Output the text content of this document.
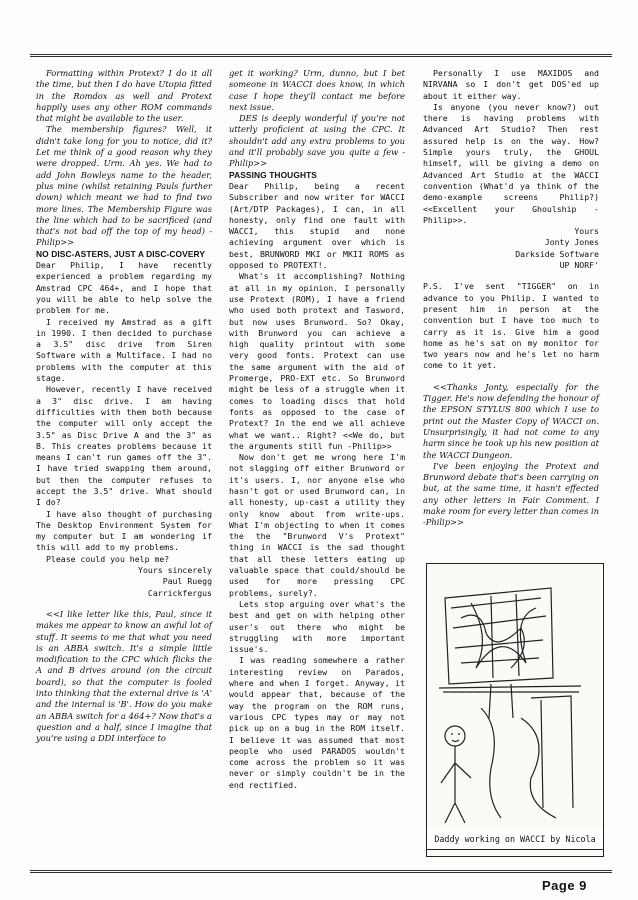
Formatting within Protext? I do it all the time, but then I do have Utopia fitted in the Romdox as well and Protext happily uses any other ROM commands that might be available to the user.

The membership figures? Well, it didn't take long for you to notice, did it? Let me think of a good reason why they were dropped. Urm. Ah yes. We had to add John Bowleys name to the header, plus mine (whilst retaining Pauls further down) which meant we had to find two more lines. The Membership Figure was the line which had to be sacrificed (and that's not bad off the top of my head) -Philip>>

NO DISC-ASTERS, JUST A DISC-COVERY

Dear Philip, I have recently experienced a problem regarding my Amstrad CPC 464+, and I hope that you will be able to help solve the problem for me.

I received my Amstrad as a gift in 1990. I then decided to purchase a 3.5" disc drive from Siren Software with a Multiface. I had no problems with the computer at this stage.

However, recently I have received a 3" disc drive. I am having difficulties with them both because the computer will only accept the 3.5" as Disc Drive A and the 3" as B. This creates problems because it means I can't run games off the 3". I have tried swapping them around, but then the computer refuses to accept the 3.5" drive. What should I do?

I have also thought of purchasing The Desktop Environment System for my computer but I am wondering if this will add to my problems.

Please could you help me?

Yours sincerely

Paul Ruegg

Carrickfergus

<<I like letter like this, Paul, since it makes me appear to know an awful lot of stuff. It seems to me that what you need is an ABBA switch. It's a simple little modification to the CPC which flicks the A and B drives around (on the circuit board), so that the computer is fooled into thinking that the external drive is 'A' and the internal is 'B'. How do you make an ABBA switch for a 464+? Now that's a question and a half, since I imagine that you're using a DDI interface to

get it working? Urm, dunno, but I bet someone in WACCI does know, in which case I hope they'll contact me before next issue.

DES is deeply wonderful if you're not utterly proficient at using the CPC. It shouldn't add any extra problems to you and it'll probably save you quite a few -Philip>>

PASSING THOUGHTS

Dear Philip, being a recent Subscriber and now writer for WACCI (Art/DTP Packages), I can, in all honesty, only find one fault with WACCI, this stupid and none achieving argument over which is best, BRUNWORD MKI or MKII ROMS as opposed to PROTEXT!.

What's it accomplishing? Nothing at all in my opinion. I personally use Protext (ROM), I have a friend who used both protext and Tasword, but now uses Brunword. So? Okay, with Brunword you can achieve a high quality printout with some very good fonts. Protext can use the same argument with the aid of Promerge, PRO-EXT etc. So Brunword might be less of a struggle when it comes to loading discs that hold fonts as opposed to the case of Protext? In the end we all achieve what we want.. Right? <<We do, but the arguments still fun -Philip>>

Now don't get me wrong here I'm not slagging off either Brunword or it's users. I, nor anyone else who hasn't got or used Brunword can, in all honesty, up-cast a utility they only know about from write-ups. What I'm objecting to when it comes the the "Brunword V's Protext" thing in WACCI is the sad thought that all these letters eating up valuable space that could/should be used for more pressing CPC problems, surely?.

Lets stop arguing over what's the best and get on with helping other user's out there who might be struggling with more important issue's.

I was reading somewhere a rather interesting review on Parados, where and when I forget. Anyway, it would appear that, because of the way the program on the ROM runs, various CPC types may or may not pick up on a bug in the ROM itself. I believe it was assumed that most people who used PARADOS wouldn't come across the problem so it was never or simply couldn't be in the end rectified.

Personally I use MAXIDOS and NIRVANA so I don't get DOS'ed up about it either way.

Is anyone (you never know?) out there is having problems with Advanced Art Studio? Then rest assured help is on the way. How? Simple yours truly, the GHOUL himself, will be giving a demo on Advanced Art Studio at the WACCI convention (What'd ya think of the demo-example screens Philip?) <<Excellent your Ghoulship -Philip>>.

Yours

Jonty Jones

Darkside Software

UP NORF'

P.S. I've sent "TIGGER" on in advance to you Philip. I wanted to present him in person at the convention but I have too much to carry as it is. Give him a good home as he's sat on my monitor for two years now and he's let no harm come to it yet.

<<Thanks Jonty, especially for the Tigger. He's now defending the honour of the EPSON STYLUS 800 which I use to print out the Master Copy of WACCI on. Unsurprisingly, it had not come to any harm since he took up his new position at the WACCI Dungeon.

I've been enjoying the Protext and Brunword debate that's been carrying on but, at the same time, it hasn't effected any other letters in Fair Comment. I make room for every letter than comes in -Philip>>

Daddy working on WACCI by Nicola
Page 9
